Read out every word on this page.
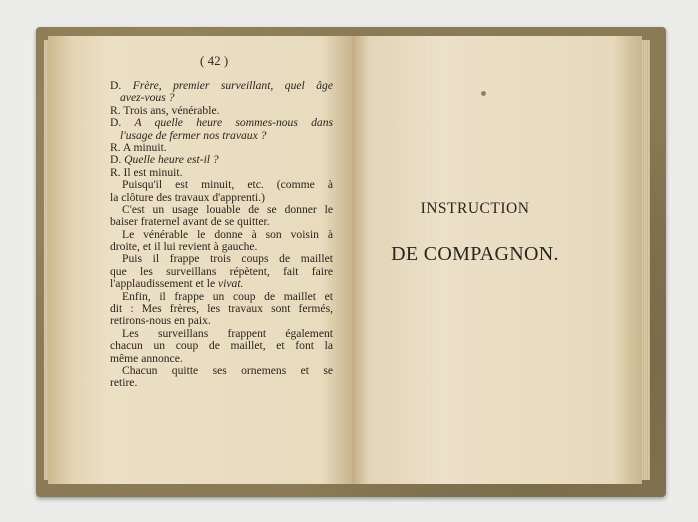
( 42 )
D. Frère, premier surveillant, quel âge
avez-vous ?
R. Trois ans, vénérable.
D. A quelle heure sommes-nous dans
l'usage de fermer nos travaux ?
R. A minuit.
D. Quelle heure est-il ?
R. Il est minuit.
Puisqu'il est minuit, etc. (comme à
la clôture des travaux d'apprenti.)
C'est un usage louable de se donner le
baiser fraternel avant de se quitter.
Le vénérable le donne à son voisin à
droite, et il lui revient à gauche.
Puis il frappe trois coups de maillet
que les surveillans répètent, fait faire
l'applaudissement et le vivat.
Enfin, il frappe un coup de maillet et
dit : Mes frères, les travaux sont fermés,
retirons-nous en paix.
Les surveillans frappent également
chacun un coup de maillet, et font la
même annonce.
Chacun quitte ses ornemens et se
retire.
INSTRUCTION
DE COMPAGNON.
